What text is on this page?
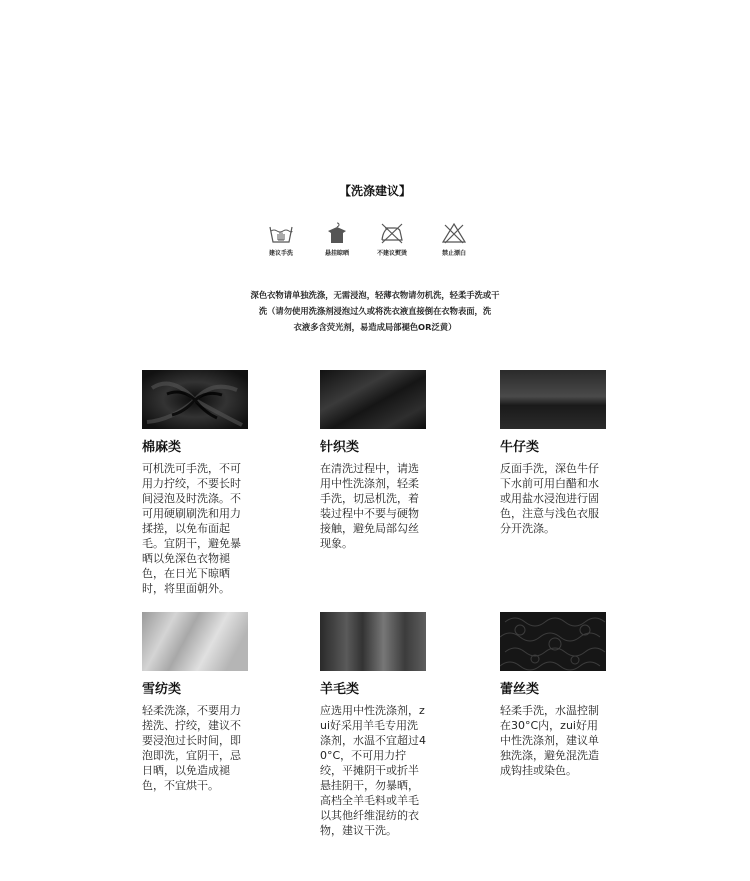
【洗涤建议】
建议手洗	悬挂晾晒	不建议熨烫	禁止漂白
深色衣物请单独洗涤，无需浸泡，轻薄衣物请勿机洗，轻柔手洗或干
洗（请勿使用洗涤剂浸泡过久或将洗衣液直接倒在衣物表面，洗
衣液多含荧光剂，易造成局部褪色OR泛黄）
棉麻类

可机洗可手洗，不可用力拧绞，不要长时间浸泡及时洗涤。不可用硬刷刷洗和用力揉搓，以免布面起毛。宜阴干，避免暴晒以免深色衣物褪色，在日光下晾晒时，将里面朝外。

针织类

在清洗过程中，请选用中性洗涤剂，轻柔手洗，切忌机洗，着装过程中不要与硬物接触，避免局部勾丝现象。

牛仔类

反面手洗，深色牛仔下水前可用白醋和水或用盐水浸泡进行固色，注意与浅色衣服分开洗涤。

雪纺类

轻柔洗涤，不要用力搓洗、拧绞，建议不要浸泡过长时间，即泡即洗，宜阴干，忌日晒，以免造成褪色，不宜烘干。

羊毛类

应选用中性洗涤剂，zui好采用羊毛专用洗涤剂，水温不宜超过40°C，不可用力拧绞，平摊阴干或折半悬挂阴干，勿暴晒，高档全羊毛料或羊毛以其他纤维混纺的衣物，建议干洗。

蕾丝类

轻柔手洗，水温控制在30°C内，zui好用中性洗涤剂，建议单独洗涤，避免混洗造成钩挂或染色。
